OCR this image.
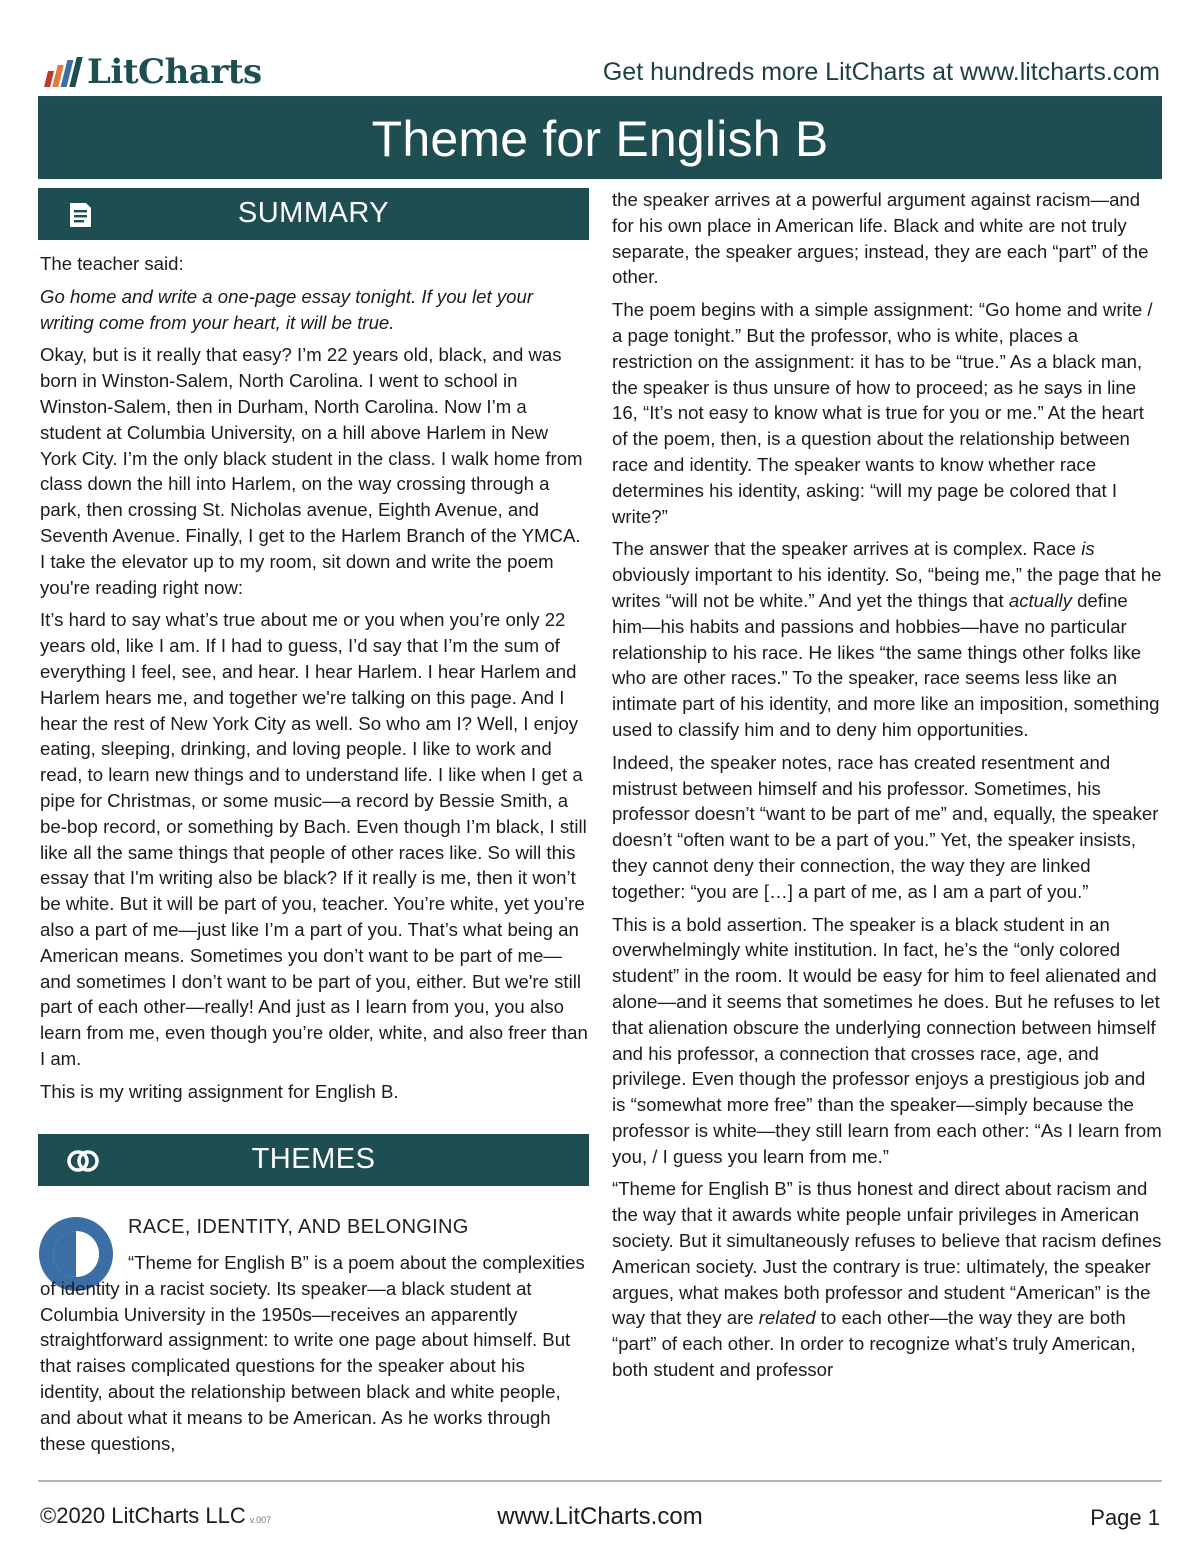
LitCharts	Get hundreds more LitCharts at www.litcharts.com
Theme for English B
SUMMARY

The teacher said:

Go home and write a one-page essay tonight. If you let your writing come from your heart, it will be true.

Okay, but is it really that easy? I’m 22 years old, black, and was born in Winston-Salem, North Carolina. I went to school in Winston-Salem, then in Durham, North Carolina. Now I’m a student at Columbia University, on a hill above Harlem in New York City. I’m the only black student in the class. I walk home from class down the hill into Harlem, on the way crossing through a park, then crossing St. Nicholas avenue, Eighth Avenue, and Seventh Avenue. Finally, I get to the Harlem Branch of the YMCA. I take the elevator up to my room, sit down and write the poem you're reading right now:

It’s hard to say what’s true about me or you when you’re only 22 years old, like I am. If I had to guess, I’d say that I’m the sum of everything I feel, see, and hear. I hear Harlem. I hear Harlem and Harlem hears me, and together we're talking on this page. And I hear the rest of New York City as well. So who am I? Well, I enjoy eating, sleeping, drinking, and loving people. I like to work and read, to learn new things and to understand life. I like when I get a pipe for Christmas, or some music—a record by Bessie Smith, a be-bop record, or something by Bach. Even though I’m black, I still like all the same things that people of other races like. So will this essay that I'm writing also be black? If it really is me, then it won’t be white. But it will be part of you, teacher. You’re white, yet you’re also a part of me—just like I’m a part of you. That’s what being an American means. Sometimes you don’t want to be part of me—and sometimes I don’t want to be part of you, either. But we're still part of each other—really! And just as I learn from you, you also learn from me, even though you’re older, white, and also freer than I am.

This is my writing assignment for English B.

THEMES
RACE, IDENTITY, AND BELONGING
“Theme for English B” is a poem about the complexities of identity in a racist society. Its speaker—a black student at Columbia University in the 1950s—receives an apparently straightforward assignment: to write one page about himself. But that raises complicated questions for the speaker about his identity, about the relationship between black and white people, and about what it means to be American. As he works through these questions,

the speaker arrives at a powerful argument against racism—and for his own place in American life. Black and white are not truly separate, the speaker argues; instead, they are each “part” of the other.

The poem begins with a simple assignment: “Go home and write / a page tonight.” But the professor, who is white, places a restriction on the assignment: it has to be “true.” As a black man, the speaker is thus unsure of how to proceed; as he says in line 16, “It’s not easy to know what is true for you or me.” At the heart of the poem, then, is a question about the relationship between race and identity. The speaker wants to know whether race determines his identity, asking: “will my page be colored that I write?”

The answer that the speaker arrives at is complex. Race is obviously important to his identity. So, “being me,” the page that he writes “will not be white.” And yet the things that actually define him—his habits and passions and hobbies—have no particular relationship to his race. He likes “the same things other folks like who are other races.” To the speaker, race seems less like an intimate part of his identity, and more like an imposition, something used to classify him and to deny him opportunities.

Indeed, the speaker notes, race has created resentment and mistrust between himself and his professor. Sometimes, his professor doesn’t “want to be part of me” and, equally, the speaker doesn’t “often want to be a part of you.” Yet, the speaker insists, they cannot deny their connection, the way they are linked together: “you are […] a part of me, as I am a part of you.”

This is a bold assertion. The speaker is a black student in an overwhelmingly white institution. In fact, he’s the “only colored student” in the room. It would be easy for him to feel alienated and alone—and it seems that sometimes he does. But he refuses to let that alienation obscure the underlying connection between himself and his professor, a connection that crosses race, age, and privilege. Even though the professor enjoys a prestigious job and is “somewhat more free” than the speaker—simply because the professor is white—they still learn from each other: “As I learn from you, / I guess you learn from me.”

“Theme for English B” is thus honest and direct about racism and the way that it awards white people unfair privileges in American society. But it simultaneously refuses to believe that racism defines American society. Just the contrary is true: ultimately, the speaker argues, what makes both professor and student “American” is the way that they are related to each other—the way they are both “part” of each other. In order to recognize what’s truly American, both student and professor

©2020 LitCharts LLC v.007	www.LitCharts.com	Page 1
